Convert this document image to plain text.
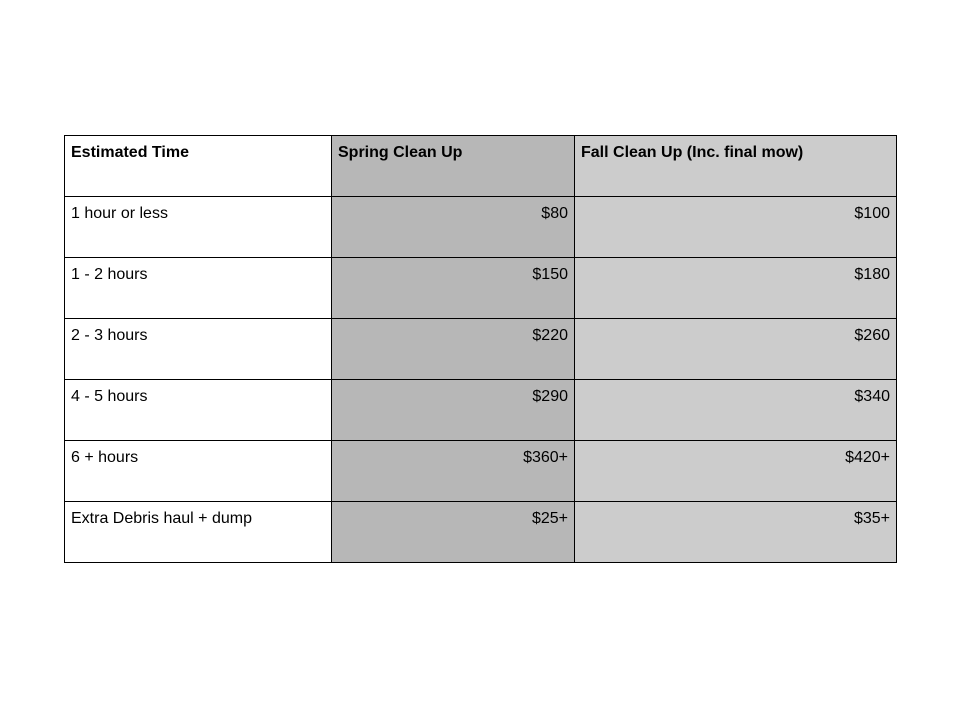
Estimated Time	Spring Clean Up	Fall Clean Up (Inc. final mow)

1 hour or less	$80	$100

1 - 2 hours	$150	$180

2 - 3 hours	$220	$260

4 - 5 hours	$290	$340

6 + hours	$360+	$420+

Extra Debris haul + dump	$25+	$35+
